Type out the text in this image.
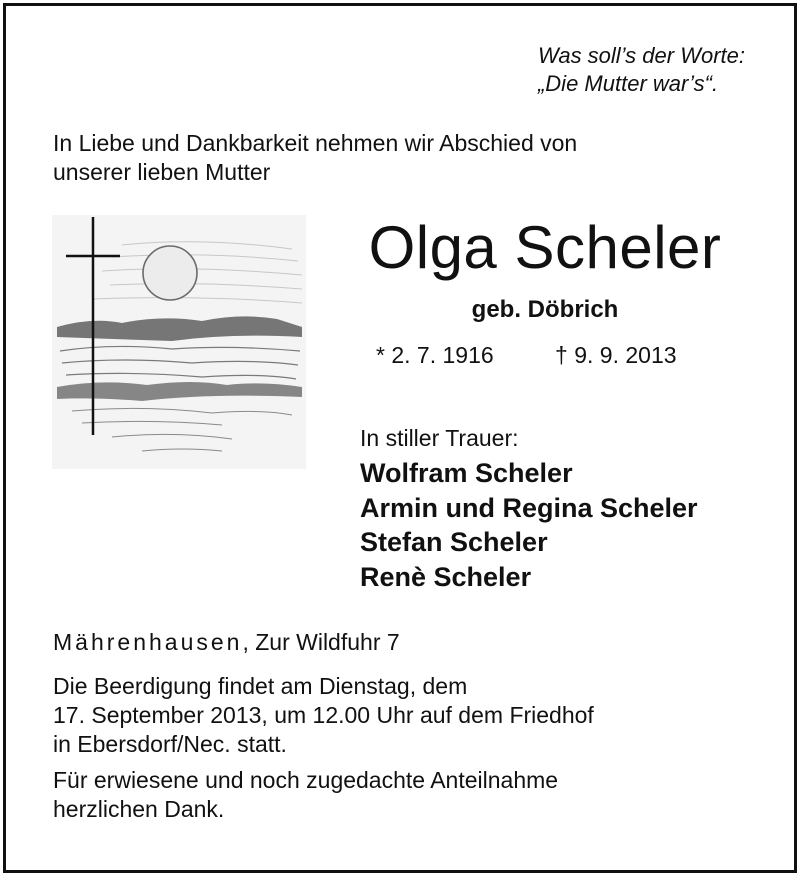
Was soll’s der Worte:
„Die Mutter war’s“.
In Liebe und Dankbarkeit nehmen wir Abschied von
unserer lieben Mutter
Olga Scheler
geb. Döbrich
* 2. 7. 1916	† 9. 9. 2013
In stiller Trauer:
Wolfram Scheler
Armin und Regina Scheler
Stefan Scheler
Renè Scheler
Mährenhausen, Zur Wildfuhr 7
Die Beerdigung findet am Dienstag, dem
17. September 2013, um 12.00 Uhr auf dem Friedhof
in Ebersdorf/Nec. statt.
Für erwiesene und noch zugedachte Anteilnahme
herzlichen Dank.
